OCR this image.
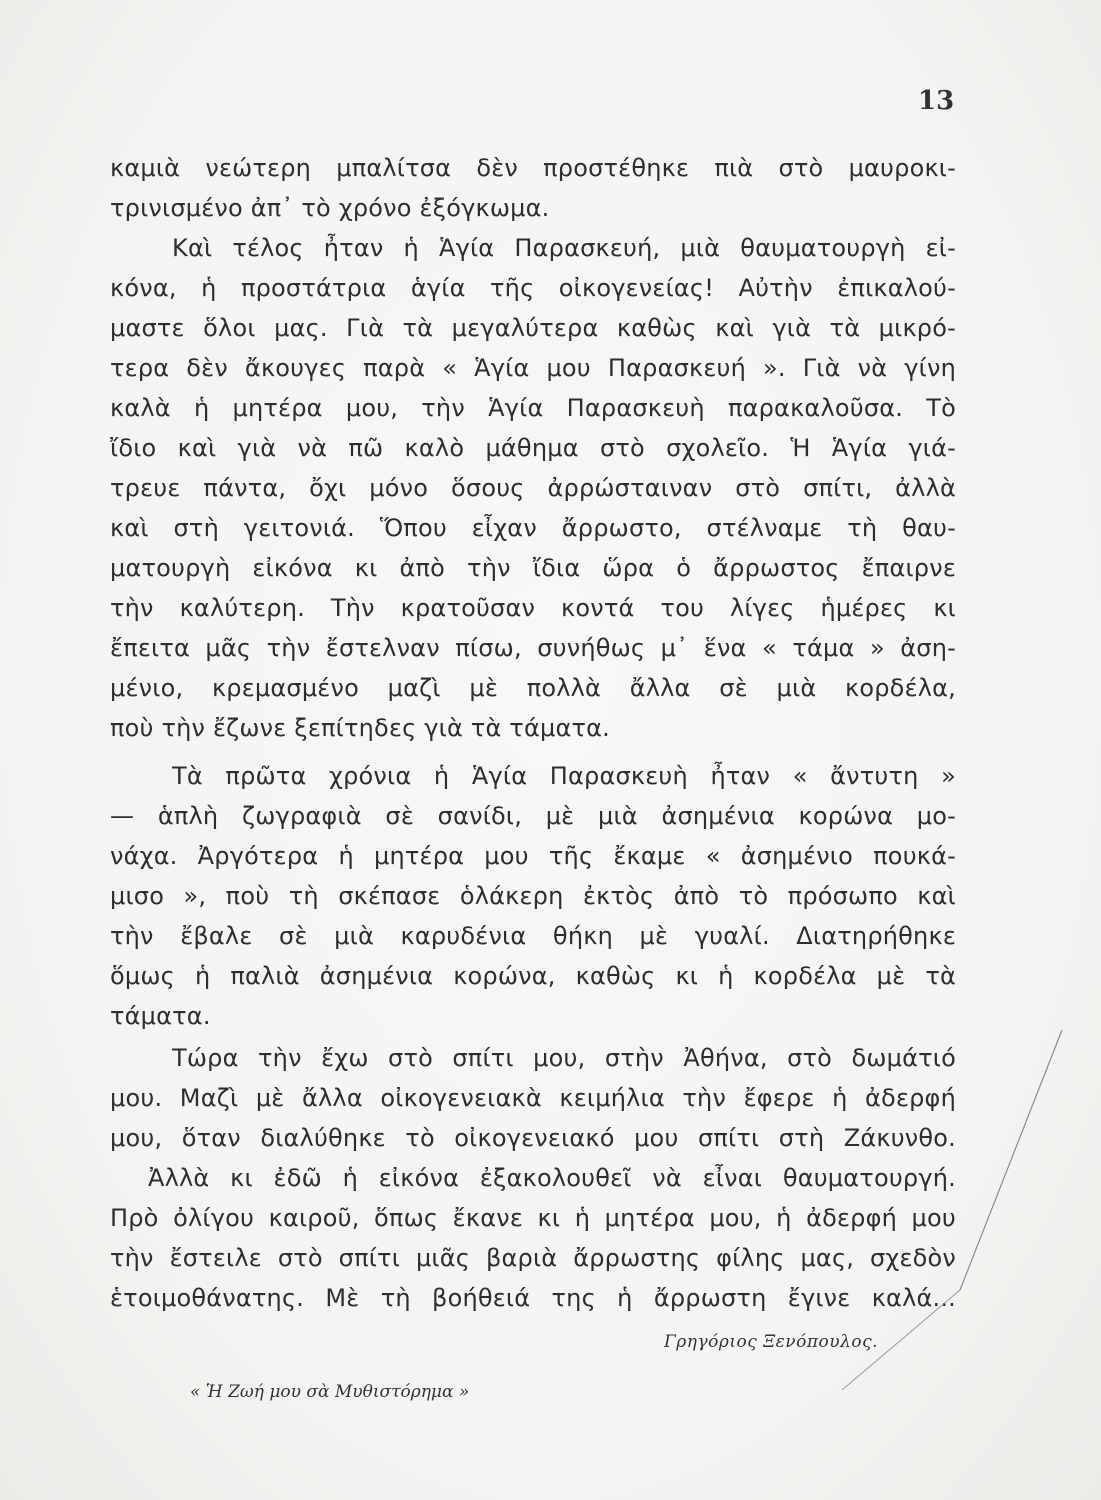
13
καμιὰ νεώτερη μπαλίτσα δὲν προστέθηκε πιὰ στὸ μαυροκι-
τρινισμένο ἀπ᾽ τὸ χρόνο ἐξόγκωμα.
Καὶ τέλος ἦταν ἡ Ἁγία Παρασκευή, μιὰ θαυματουργὴ εἰ-
κόνα, ἡ προστάτρια ἁγία τῆς οἰκογενείας! Αὐτὴν ἐπικαλού-
μαστε ὅλοι μας. Γιὰ τὰ μεγαλύτερα καθὼς καὶ γιὰ τὰ μικρό-
τερα δὲν ἄκουγες παρὰ « Ἁγία μου Παρασκευή ». Γιὰ νὰ γίνη
καλὰ ἡ μητέρα μου, τὴν Ἁγία Παρασκευὴ παρακαλοῦσα. Τὸ
ἴδιο καὶ γιὰ νὰ πῶ καλὸ μάθημα στὸ σχολεῖο. Ἡ Ἁγία γιά-
τρευε πάντα, ὄχι μόνο ὅσους ἀρρώσταιναν στὸ σπίτι, ἀλλὰ
καὶ στὴ γειτονιά. Ὅπου εἶχαν ἄρρωστο, στέλναμε τὴ θαυ-
ματουργὴ εἰκόνα κι ἀπὸ τὴν ἴδια ὥρα ὁ ἄρρωστος ἔπαιρνε
τὴν καλύτερη. Τὴν κρατοῦσαν κοντά του λίγες ἡμέρες κι
ἔπειτα μᾶς τὴν ἔστελναν πίσω, συνήθως μ᾽ ἕνα « τάμα » ἀση-
μένιο, κρεμασμένο μαζὶ μὲ πολλὰ ἄλλα σὲ μιὰ κορδέλα,
ποὺ τὴν ἔζωνε ξεπίτηδες γιὰ τὰ τάματα.
Τὰ πρῶτα χρόνια ἡ Ἁγία Παρασκευὴ ἦταν « ἄντυτη »
— ἁπλὴ ζωγραφιὰ σὲ σανίδι, μὲ μιὰ ἀσημένια κορώνα μο-
νάχα. Ἀργότερα ἡ μητέρα μου τῆς ἔκαμε « ἀσημένιο πουκά-
μισο », ποὺ τὴ σκέπασε ὁλάκερη ἐκτὸς ἀπὸ τὸ πρόσωπο καὶ
τὴν ἔβαλε σὲ μιὰ καρυδένια θήκη μὲ γυαλί. Διατηρήθηκε
ὅμως ἡ παλιὰ ἀσημένια κορώνα, καθὼς κι ἡ κορδέλα μὲ τὰ
τάματα.
Τώρα τὴν ἔχω στὸ σπίτι μου, στὴν Ἀθήνα, στὸ δωμάτιό
μου. Μαζὶ μὲ ἄλλα οἰκογενειακὰ κειμήλια τὴν ἔφερε ἡ ἀδερφή
μου, ὅταν διαλύθηκε τὸ οἰκογενειακό μου σπίτι στὴ Ζάκυνθο.
Ἀλλὰ κι ἐδῶ ἡ εἰκόνα ἐξακολουθεῖ νὰ εἶναι θαυματουργή.
Πρὸ ὀλίγου καιροῦ, ὅπως ἔκανε κι ἡ μητέρα μου, ἡ ἀδερφή μου
τὴν ἔστειλε στὸ σπίτι μιᾶς βαριὰ ἄρρωστης φίλης μας, σχεδὸν
ἑτοιμοθάνατης. Μὲ τὴ βοήθειά της ἡ ἄρρωστη ἔγινε καλά...
Γρηγόριος Ξενόπουλος.
« Ἡ Ζωή μου σὰ Μυθιστόρημα »
